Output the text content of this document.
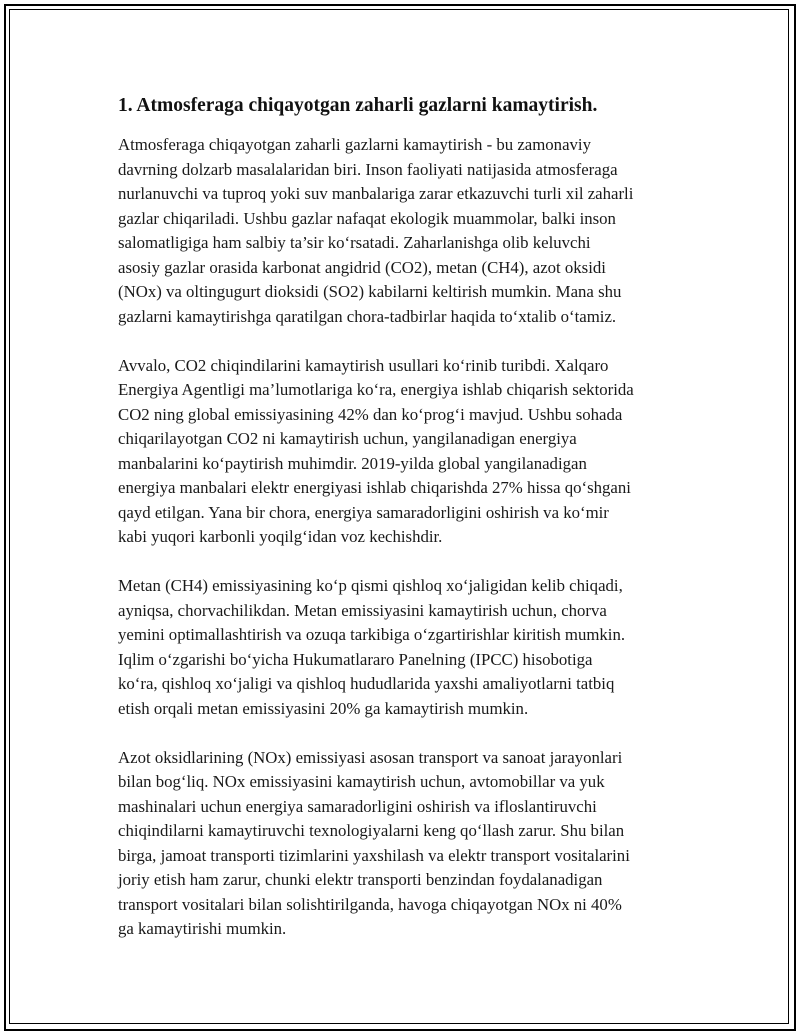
1. Atmosferaga chiqayotgan zaharli gazlarni kamaytirish.

Atmosferaga chiqayotgan zaharli gazlarni kamaytirish - bu zamonaviy
davrning dolzarb masalalaridan biri. Inson faoliyati natijasida atmosferaga
nurlanuvchi va tuproq yoki suv manbalariga zarar etkazuvchi turli xil zaharli
gazlar chiqariladi. Ushbu gazlar nafaqat ekologik muammolar, balki inson
salomatligiga ham salbiy ta’sir ko‘rsatadi. Zaharlanishga olib keluvchi
asosiy gazlar orasida karbonat angidrid (CO2), metan (CH4), azot oksidi
(NOx) va oltingugurt dioksidi (SO2) kabilarni keltirish mumkin. Mana shu
gazlarni kamaytirishga qaratilgan chora-tadbirlar haqida to‘xtalib o‘tamiz.

Avvalo, CO2 chiqindilarini kamaytirish usullari ko‘rinib turibdi. Xalqaro
Energiya Agentligi ma’lumotlariga ko‘ra, energiya ishlab chiqarish sektorida
CO2 ning global emissiyasining 42% dan ko‘prog‘i mavjud. Ushbu sohada
chiqarilayotgan CO2 ni kamaytirish uchun, yangilanadigan energiya
manbalarini ko‘paytirish muhimdir. 2019-yilda global yangilanadigan
energiya manbalari elektr energiyasi ishlab chiqarishda 27% hissa qo‘shgani
qayd etilgan. Yana bir chora, energiya samaradorligini oshirish va ko‘mir
kabi yuqori karbonli yoqilg‘idan voz kechishdir.

Metan (CH4) emissiyasining ko‘p qismi qishloq xo‘jaligidan kelib chiqadi,
ayniqsa, chorvachilikdan. Metan emissiyasini kamaytirish uchun, chorva
yemini optimallashtirish va ozuqa tarkibiga o‘zgartirishlar kiritish mumkin.
Iqlim o‘zgarishi bo‘yicha Hukumatlararo Panelning (IPCC) hisobotiga
ko‘ra, qishloq xo‘jaligi va qishloq hududlarida yaxshi amaliyotlarni tatbiq
etish orqali metan emissiyasini 20% ga kamaytirish mumkin.

Azot oksidlarining (NOx) emissiyasi asosan transport va sanoat jarayonlari
bilan bog‘liq. NOx emissiyasini kamaytirish uchun, avtomobillar va yuk
mashinalari uchun energiya samaradorligini oshirish va ifloslantiruvchi
chiqindilarni kamaytiruvchi texnologiyalarni keng qo‘llash zarur. Shu bilan
birga, jamoat transporti tizimlarini yaxshilash va elektr transport vositalarini
joriy etish ham zarur, chunki elektr transporti benzindan foydalanadigan
transport vositalari bilan solishtirilganda, havoga chiqayotgan NOx ni 40%
ga kamaytirishi mumkin.
